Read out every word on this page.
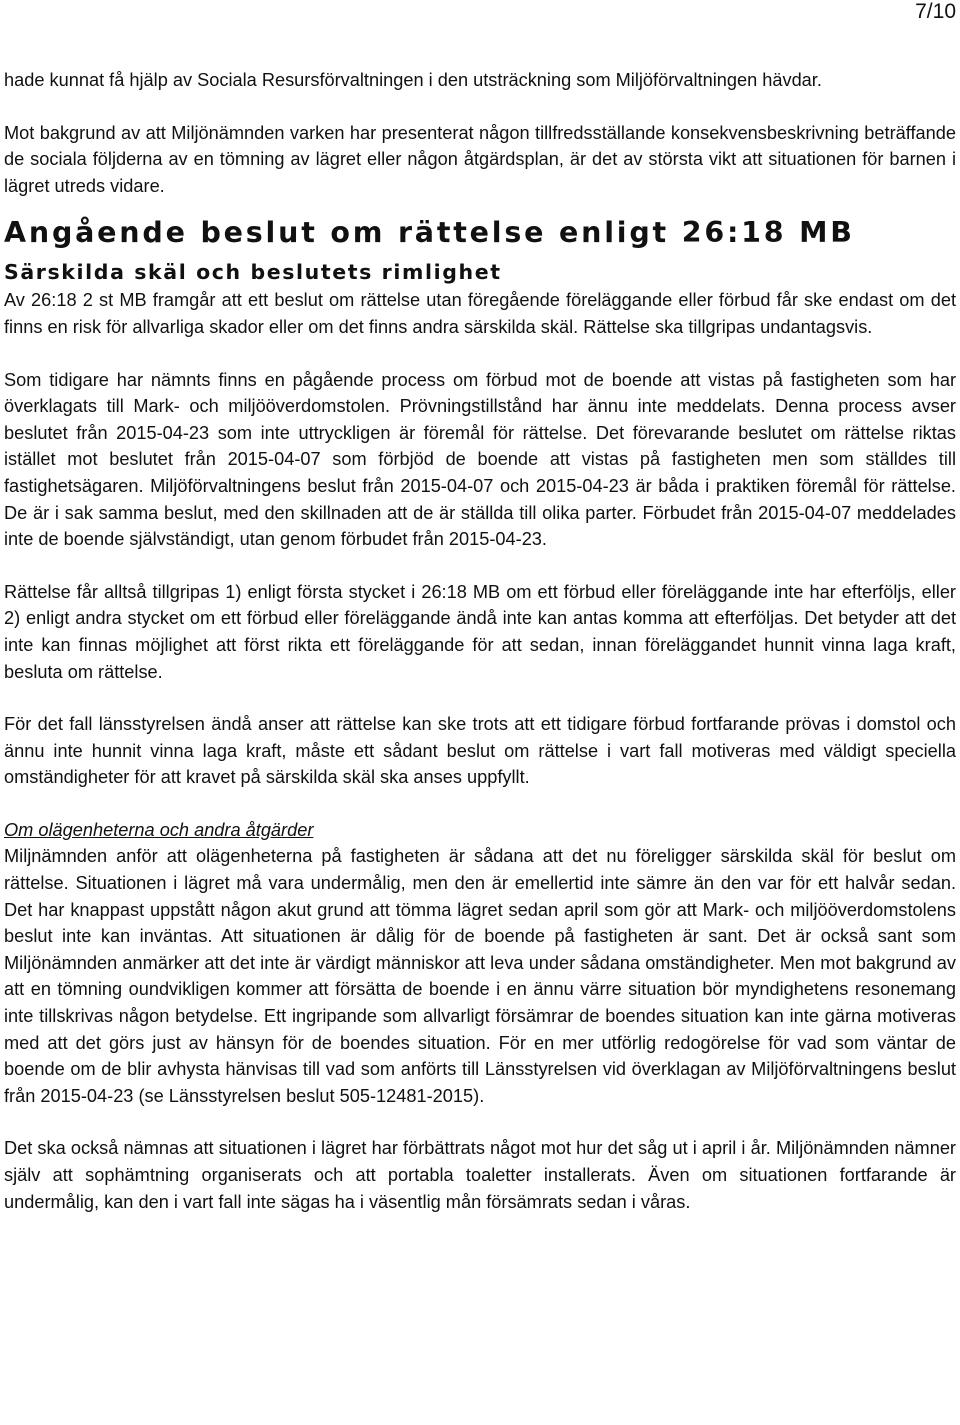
7/10

hade kunnat få hjälp av Sociala Resursförvaltningen i den utsträckning som Miljöförvaltningen hävdar.

Mot bakgrund av att Miljönämnden varken har presenterat någon tillfredsställande konsekvensbeskrivning beträffande de sociala följderna av en tömning av lägret eller någon åtgärdsplan, är det av största vikt att situationen för barnen i lägret utreds vidare.

Angående beslut om rättelse enligt 26:18 MB
Särskilda skäl och beslutets rimlighet

Av 26:18 2 st MB framgår att ett beslut om rättelse utan föregående föreläggande eller förbud får ske endast om det finns en risk för allvarliga skador eller om det finns andra särskilda skäl. Rättelse ska tillgripas undantagsvis.

Som tidigare har nämnts finns en pågående process om förbud mot de boende att vistas på fastigheten som har överklagats till Mark- och miljööverdomstolen. Prövningstillstånd har ännu inte meddelats. Denna process avser beslutet från 2015-04-23 som inte uttryckligen är föremål för rättelse. Det förevarande beslutet om rättelse riktas istället mot beslutet från 2015-04-07 som förbjöd de boende att vistas på fastigheten men som ställdes till fastighetsägaren. Miljöförvaltningens beslut från 2015-04-07 och 2015-04-23 är båda i praktiken föremål för rättelse. De är i sak samma beslut, med den skillnaden att de är ställda till olika parter. Förbudet från 2015-04-07 meddelades inte de boende självständigt, utan genom förbudet från 2015-04-23.

Rättelse får alltså tillgripas 1) enligt första stycket i 26:18 MB om ett förbud eller föreläggande inte har efterföljs, eller 2) enligt andra stycket om ett förbud eller föreläggande ändå inte kan antas komma att efterföljas. Det betyder att det inte kan finnas möjlighet att först rikta ett föreläggande för att sedan, innan föreläggandet hunnit vinna laga kraft, besluta om rättelse.

För det fall länsstyrelsen ändå anser att rättelse kan ske trots att ett tidigare förbud fortfarande prövas i domstol och ännu inte hunnit vinna laga kraft, måste ett sådant beslut om rättelse i vart fall motiveras med väldigt speciella omständigheter för att kravet på särskilda skäl ska anses uppfyllt.

Om olägenheterna och andra åtgärder

Miljnämnden anför att olägenheterna på fastigheten är sådana att det nu föreligger särskilda skäl för beslut om rättelse. Situationen i lägret må vara undermålig, men den är emellertid inte sämre än den var för ett halvår sedan. Det har knappast uppstått någon akut grund att tömma lägret sedan april som gör att Mark- och miljööverdomstolens beslut inte kan inväntas. Att situationen är dålig för de boende på fastigheten är sant. Det är också sant som Miljönämnden anmärker att det inte är värdigt människor att leva under sådana omständigheter. Men mot bakgrund av att en tömning oundvikligen kommer att försätta de boende i en ännu värre situation bör myndighetens resonemang inte tillskrivas någon betydelse. Ett ingripande som allvarligt försämrar de boendes situation kan inte gärna motiveras med att det görs just av hänsyn för de boendes situation. För en mer utförlig redogörelse för vad som väntar de boende om de blir avhysta hänvisas till vad som anförts till Länsstyrelsen vid överklagan av Miljöförvaltningens beslut från 2015-04-23 (se Länsstyrelsen beslut 505-12481-2015).

Det ska också nämnas att situationen i lägret har förbättrats något mot hur det såg ut i april i år. Miljönämnden nämner själv att sophämtning organiserats och att portabla toaletter installerats. Även om situationen fortfarande är undermålig, kan den i vart fall inte sägas ha i väsentlig mån försämrats sedan i våras.
